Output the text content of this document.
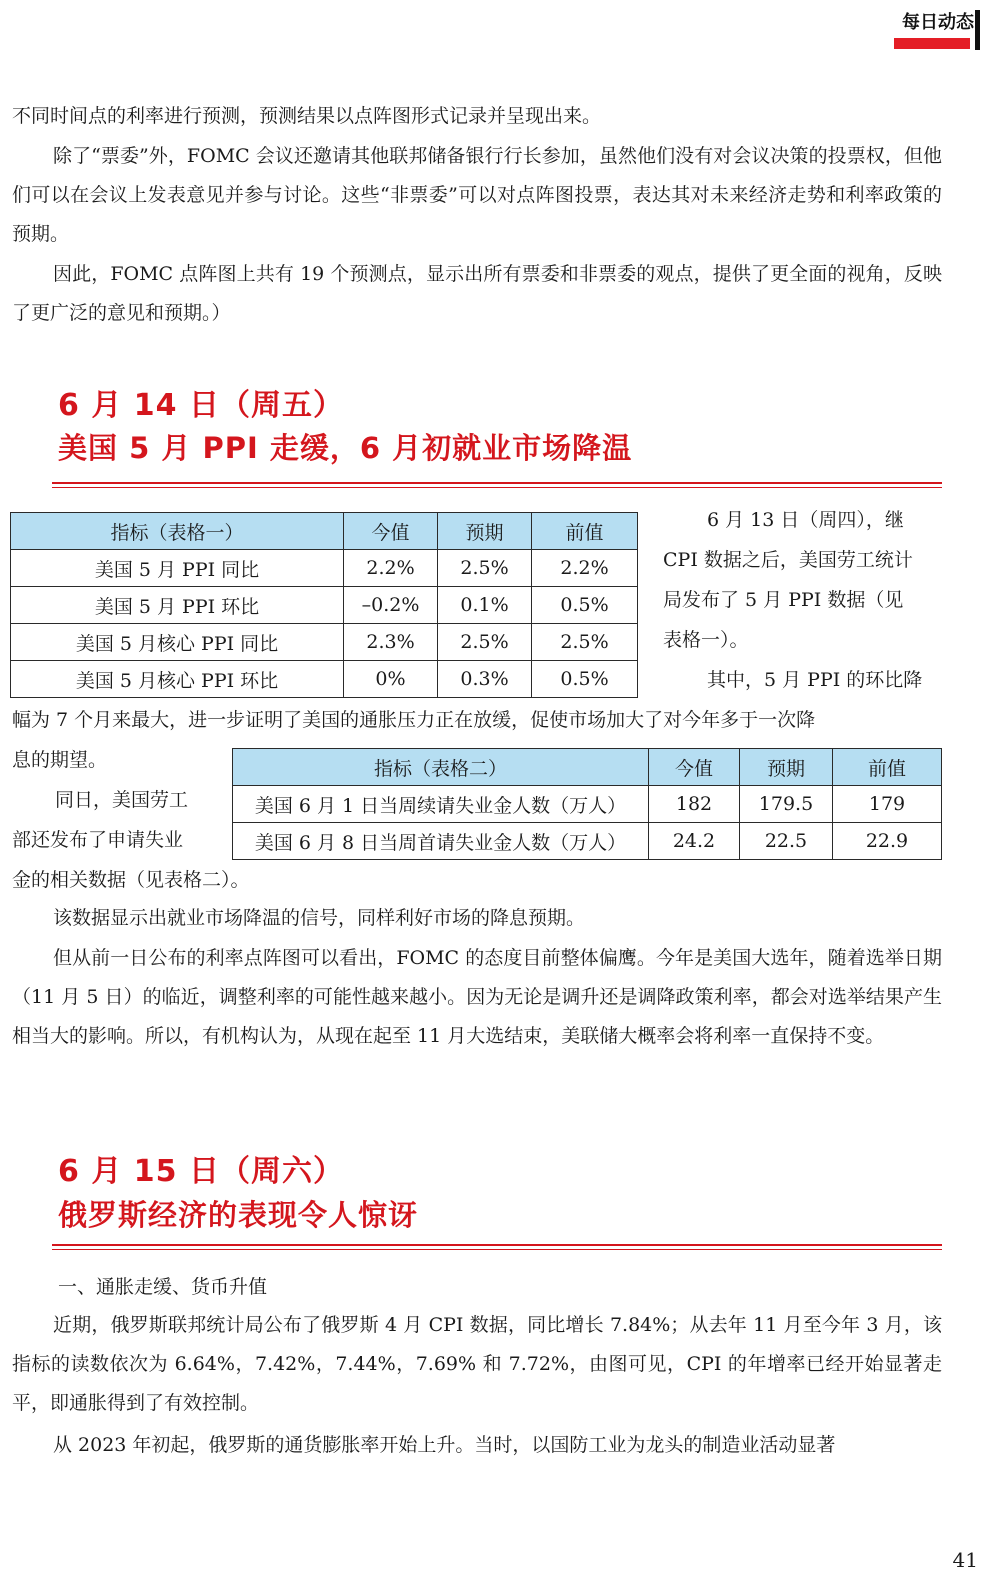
每日动态

不同时间点的利率进行预测，预测结果以点阵图形式记录并呈现出来。

除了“票委”外，FOMC 会议还邀请其他联邦储备银行行长参加，虽然他们没有对会议决策的投票权，但他们可以在会议上发表意见并参与讨论。这些“非票委”可以对点阵图投票，表达其对未来经济走势和利率政策的预期。

因此，FOMC 点阵图上共有 19 个预测点，显示出所有票委和非票委的观点，提供了更全面的视角，反映了更广泛的意见和预期。）

6 月 14 日（周五）
美国 5 月 PPI 走缓，6 月初就业市场降温
指标（表格一）	今值	预期	前值
美国 5 月 PPI 同比	2.2%	2.5%	2.2%
美国 5 月 PPI 环比	–0.2%	0.1%	0.5%
美国 5 月核心 PPI 同比	2.3%	2.5%	2.5%
美国 5 月核心 PPI 环比	0%	0.3%	0.5%

6 月 13 日（周四），继

CPI 数据之后，美国劳工统计

局发布了 5 月 PPI 数据（见

表格一）。

其中，5 月 PPI 的环比降

幅为 7 个月来最大，进一步证明了美国的通胀压力正在放缓，促使市场加大了对今年多于一次降

息的期望。

同日，美国劳工

部还发布了申请失业

金的相关数据（见表格二）。

指标（表格二）	今值	预期	前值
美国 6 月 1 日当周续请失业金人数（万人）	182	179.5	179
美国 6 月 8 日当周首请失业金人数（万人）	24.2	22.5	22.9

该数据显示出就业市场降温的信号，同样利好市场的降息预期。

但从前一日公布的利率点阵图可以看出，FOMC 的态度目前整体偏鹰。今年是美国大选年，随着选举日期（11 月 5 日）的临近，调整利率的可能性越来越小。因为无论是调升还是调降政策利率，都会对选举结果产生相当大的影响。所以，有机构认为，从现在起至 11 月大选结束，美联储大概率会将利率一直保持不变。

6 月 15 日（周六）
俄罗斯经济的表现令人惊讶

一、通胀走缓、货币升值

近期，俄罗斯联邦统计局公布了俄罗斯 4 月 CPI 数据，同比增长 7.84%；从去年 11 月至今年 3 月，该指标的读数依次为 6.64%，7.42%，7.44%，7.69% 和 7.72%，由图可见，CPI 的年增率已经开始显著走平，即通胀得到了有效控制。

从 2023 年初起，俄罗斯的通货膨胀率开始上升。当时，以国防工业为龙头的制造业活动显著

41
